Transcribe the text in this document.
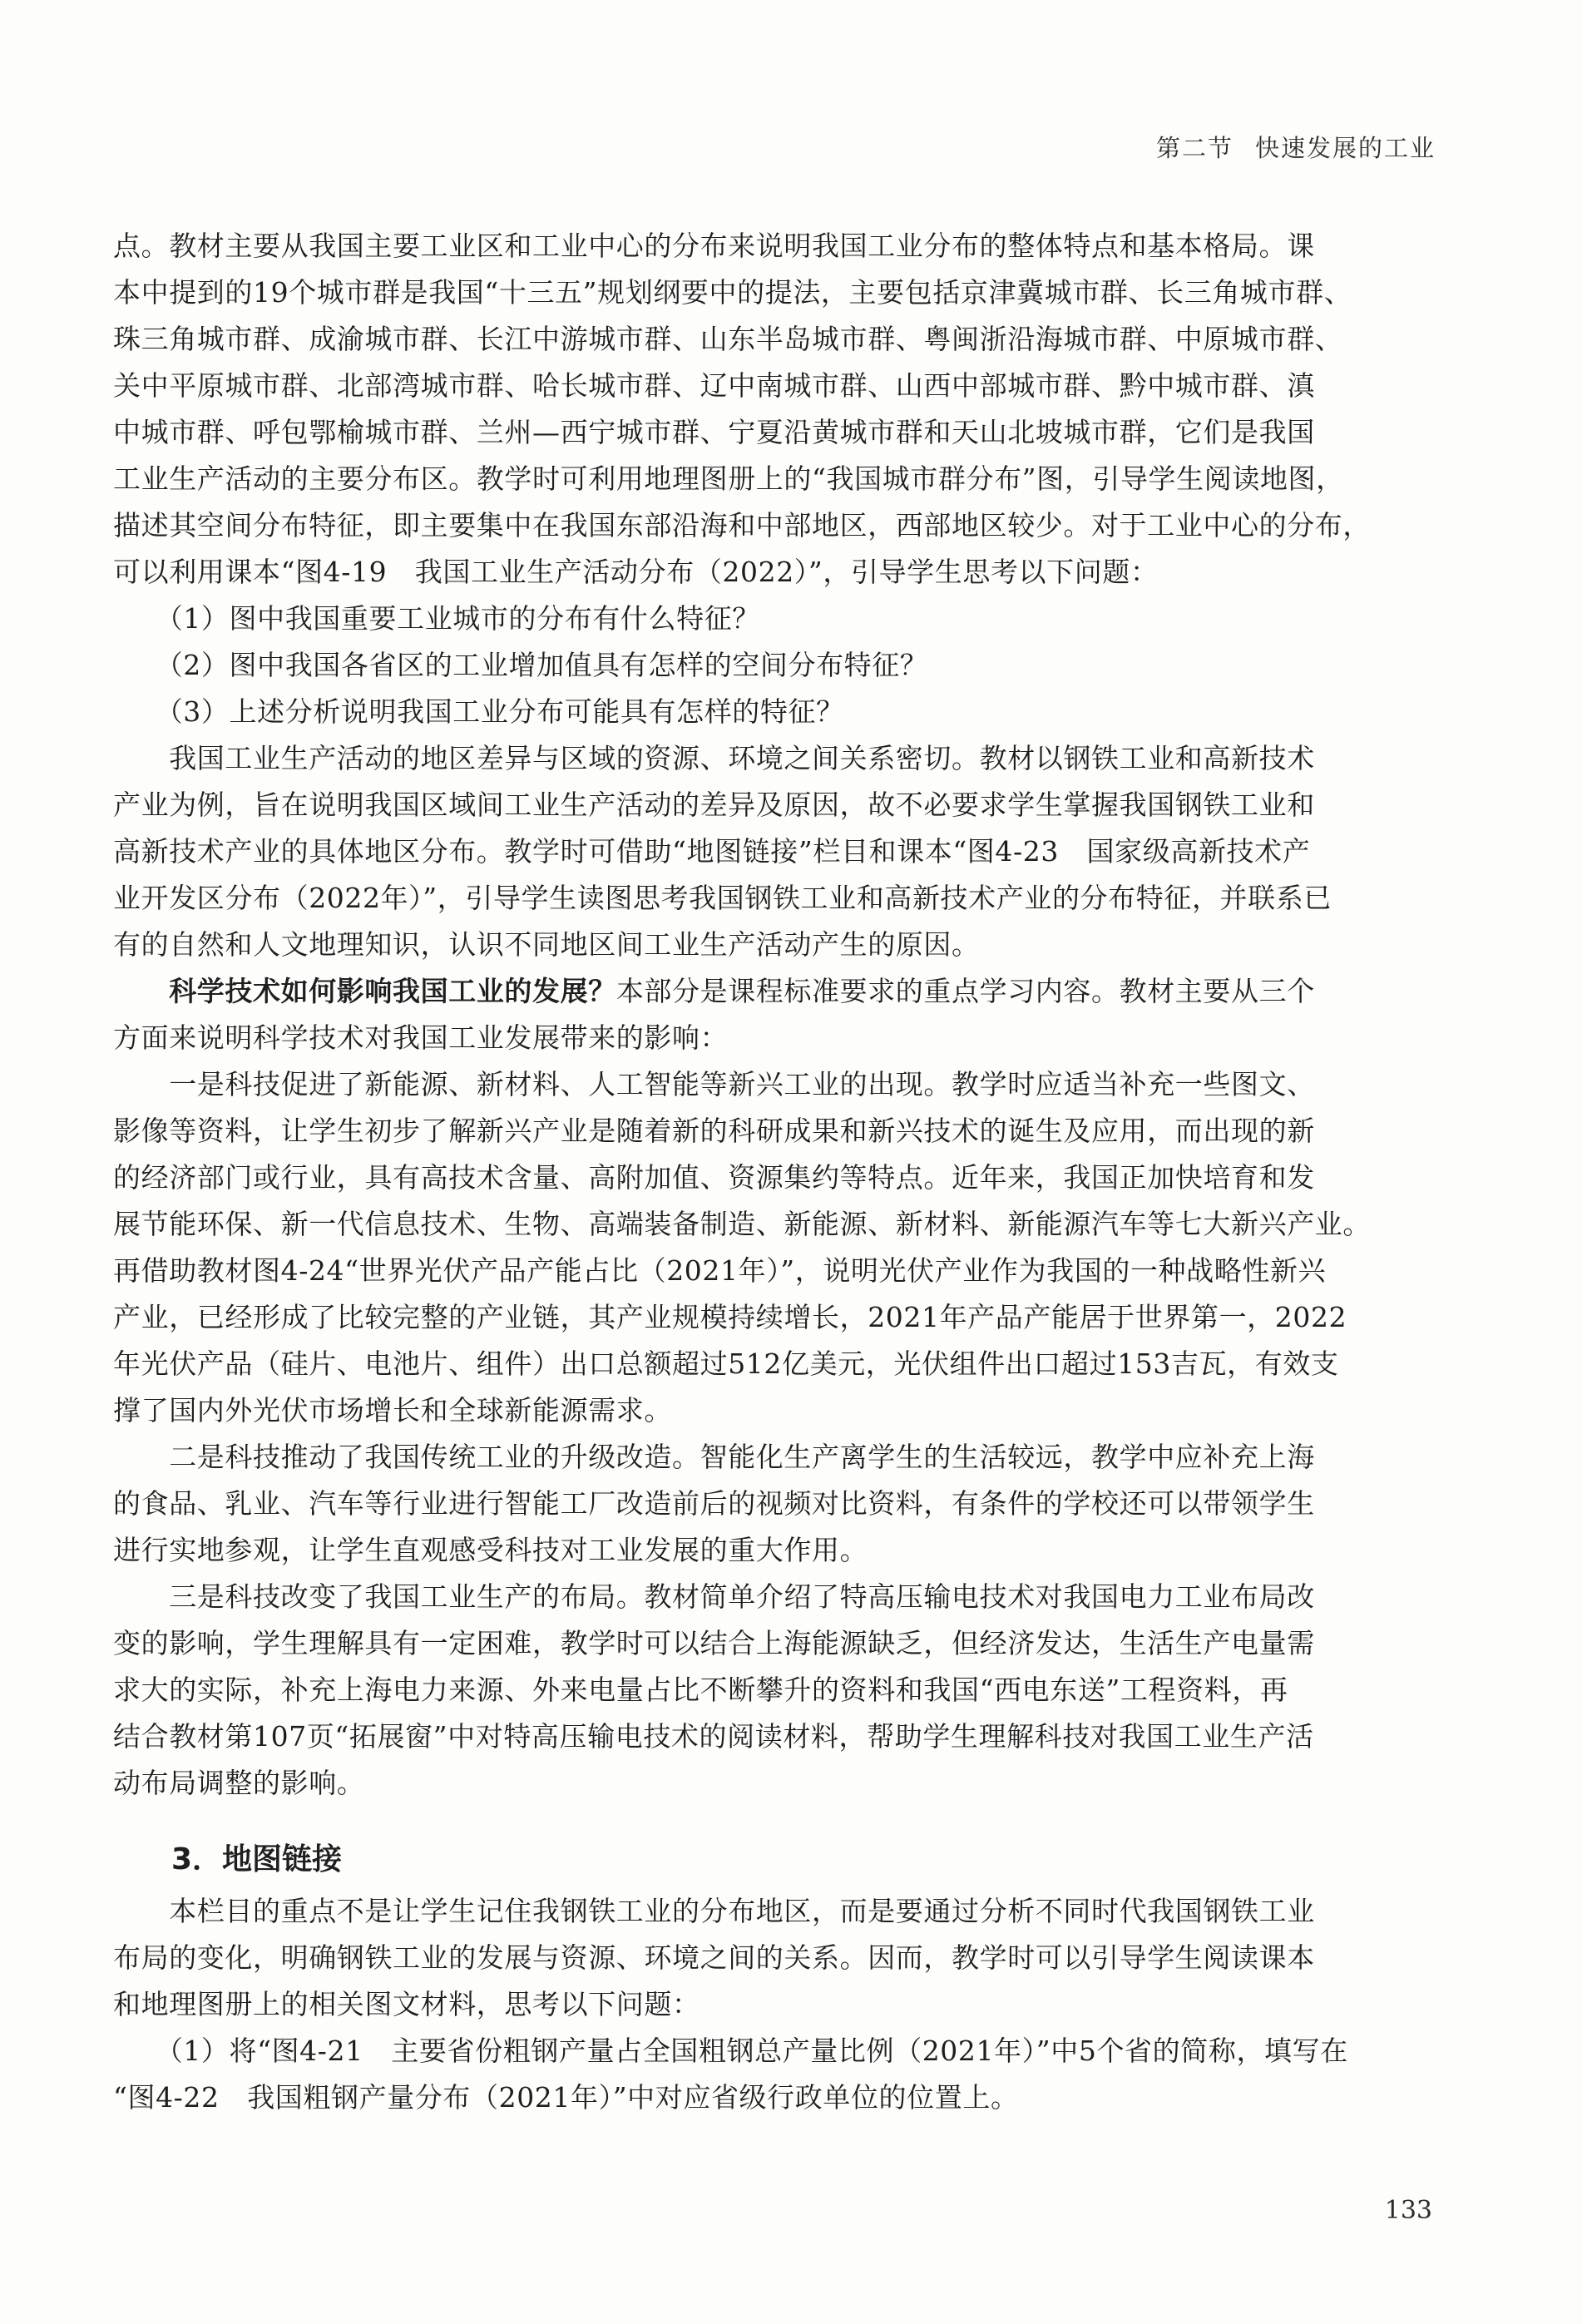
第二节 快速发展的工业
点。教材主要从我国主要工业区和工业中心的分布来说明我国工业分布的整体特点和基本格局。课
本中提到的19个城市群是我国“十三五”规划纲要中的提法，主要包括京津冀城市群、长三角城市群、
珠三角城市群、成渝城市群、长江中游城市群、山东半岛城市群、粤闽浙沿海城市群、中原城市群、
关中平原城市群、北部湾城市群、哈长城市群、辽中南城市群、山西中部城市群、黔中城市群、滇
中城市群、呼包鄂榆城市群、兰州—西宁城市群、宁夏沿黄城市群和天山北坡城市群，它们是我国
工业生产活动的主要分布区。教学时可利用地理图册上的“我国城市群分布”图，引导学生阅读地图，
描述其空间分布特征，即主要集中在我国东部沿海和中部地区，西部地区较少。对于工业中心的分布，
可以利用课本“图4-19　我国工业生产活动分布（2022）”，引导学生思考以下问题：
　　（1）图中我国重要工业城市的分布有什么特征？
　　（2）图中我国各省区的工业增加值具有怎样的空间分布特征？
　　（3）上述分析说明我国工业分布可能具有怎样的特征？
　　我国工业生产活动的地区差异与区域的资源、环境之间关系密切。教材以钢铁工业和高新技术
产业为例，旨在说明我国区域间工业生产活动的差异及原因，故不必要求学生掌握我国钢铁工业和
高新技术产业的具体地区分布。教学时可借助“地图链接”栏目和课本“图4-23　国家级高新技术产
业开发区分布（2022年）”，引导学生读图思考我国钢铁工业和高新技术产业的分布特征，并联系已
有的自然和人文地理知识，认识不同地区间工业生产活动产生的原因。
　　科学技术如何影响我国工业的发展？本部分是课程标准要求的重点学习内容。教材主要从三个
方面来说明科学技术对我国工业发展带来的影响：
　　一是科技促进了新能源、新材料、人工智能等新兴工业的出现。教学时应适当补充一些图文、
影像等资料，让学生初步了解新兴产业是随着新的科研成果和新兴技术的诞生及应用，而出现的新
的经济部门或行业，具有高技术含量、高附加值、资源集约等特点。近年来，我国正加快培育和发
展节能环保、新一代信息技术、生物、高端装备制造、新能源、新材料、新能源汽车等七大新兴产业。
再借助教材图4-24“世界光伏产品产能占比（2021年）”，说明光伏产业作为我国的一种战略性新兴
产业，已经形成了比较完整的产业链，其产业规模持续增长，2021年产品产能居于世界第一，2022
年光伏产品（硅片、电池片、组件）出口总额超过512亿美元，光伏组件出口超过153吉瓦，有效支
撑了国内外光伏市场增长和全球新能源需求。
　　二是科技推动了我国传统工业的升级改造。智能化生产离学生的生活较远，教学中应补充上海
的食品、乳业、汽车等行业进行智能工厂改造前后的视频对比资料，有条件的学校还可以带领学生
进行实地参观，让学生直观感受科技对工业发展的重大作用。
　　三是科技改变了我国工业生产的布局。教材简单介绍了特高压输电技术对我国电力工业布局改
变的影响，学生理解具有一定困难，教学时可以结合上海能源缺乏，但经济发达，生活生产电量需
求大的实际，补充上海电力来源、外来电量占比不断攀升的资料和我国“西电东送”工程资料，再
结合教材第107页“拓展窗”中对特高压输电技术的阅读材料，帮助学生理解科技对我国工业生产活
动布局调整的影响。
3．地图链接
　　本栏目的重点不是让学生记住我钢铁工业的分布地区，而是要通过分析不同时代我国钢铁工业
布局的变化，明确钢铁工业的发展与资源、环境之间的关系。因而，教学时可以引导学生阅读课本
和地理图册上的相关图文材料，思考以下问题：
　　（1）将“图4-21　主要省份粗钢产量占全国粗钢总产量比例（2021年）”中5个省的简称，填写在
“图4-22　我国粗钢产量分布（2021年）”中对应省级行政单位的位置上。
133
